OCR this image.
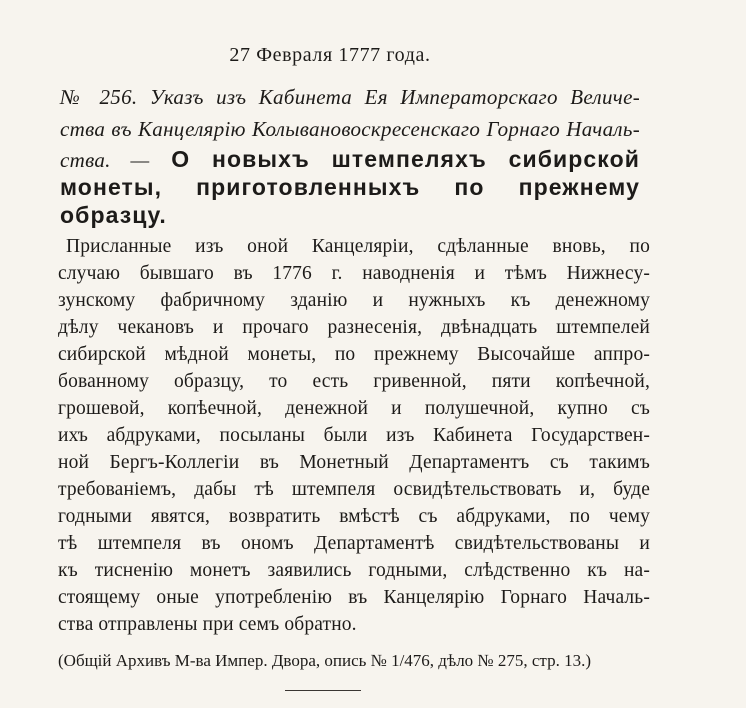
27 Февраля 1777 года.
№ 256. Указъ изъ Кабинета Ея Императорскаго Величе-
ства въ Канцелярію Колывановоскресенскаго Горнаго Началь-
ства. — О новыхъ штемпеляхъ сибирской
монеты, приготовленныхъ по прежнему
образцу.
Присланные изъ оной Канцеляріи, сдѣланные вновь, по
случаю бывшаго въ 1776 г. наводненія и тѣмъ Нижнесу-
зунскому фабричному зданію и нужныхъ къ денежному
дѣлу чекановъ и прочаго разнесенія, двѣнадцать штемпелей
сибирской мѣдной монеты, по прежнему Высочайше аппро-
бованному образцу, то есть гривенной, пяти копѣечной,
грошевой, копѣечной, денежной и полушечной, купно съ
ихъ абдруками, посыланы были изъ Кабинета Государствен-
ной Бергъ-Коллегіи въ Монетный Департаментъ съ такимъ
требованіемъ, дабы тѣ штемпеля освидѣтельствовать и, буде
годными явятся, возвратить вмѣстѣ съ абдруками, по чему
тѣ штемпеля въ ономъ Департаментѣ свидѣтельствованы и
къ тисненію монетъ заявились годными, слѣдственно къ на-
стоящему оные употребленію въ Канцелярію Горнаго Началь-
ства отправлены при семъ обратно.
(Общій Архивъ М-ва Импер. Двора, опись № 1/476, дѣло № 275, стр. 13.)
